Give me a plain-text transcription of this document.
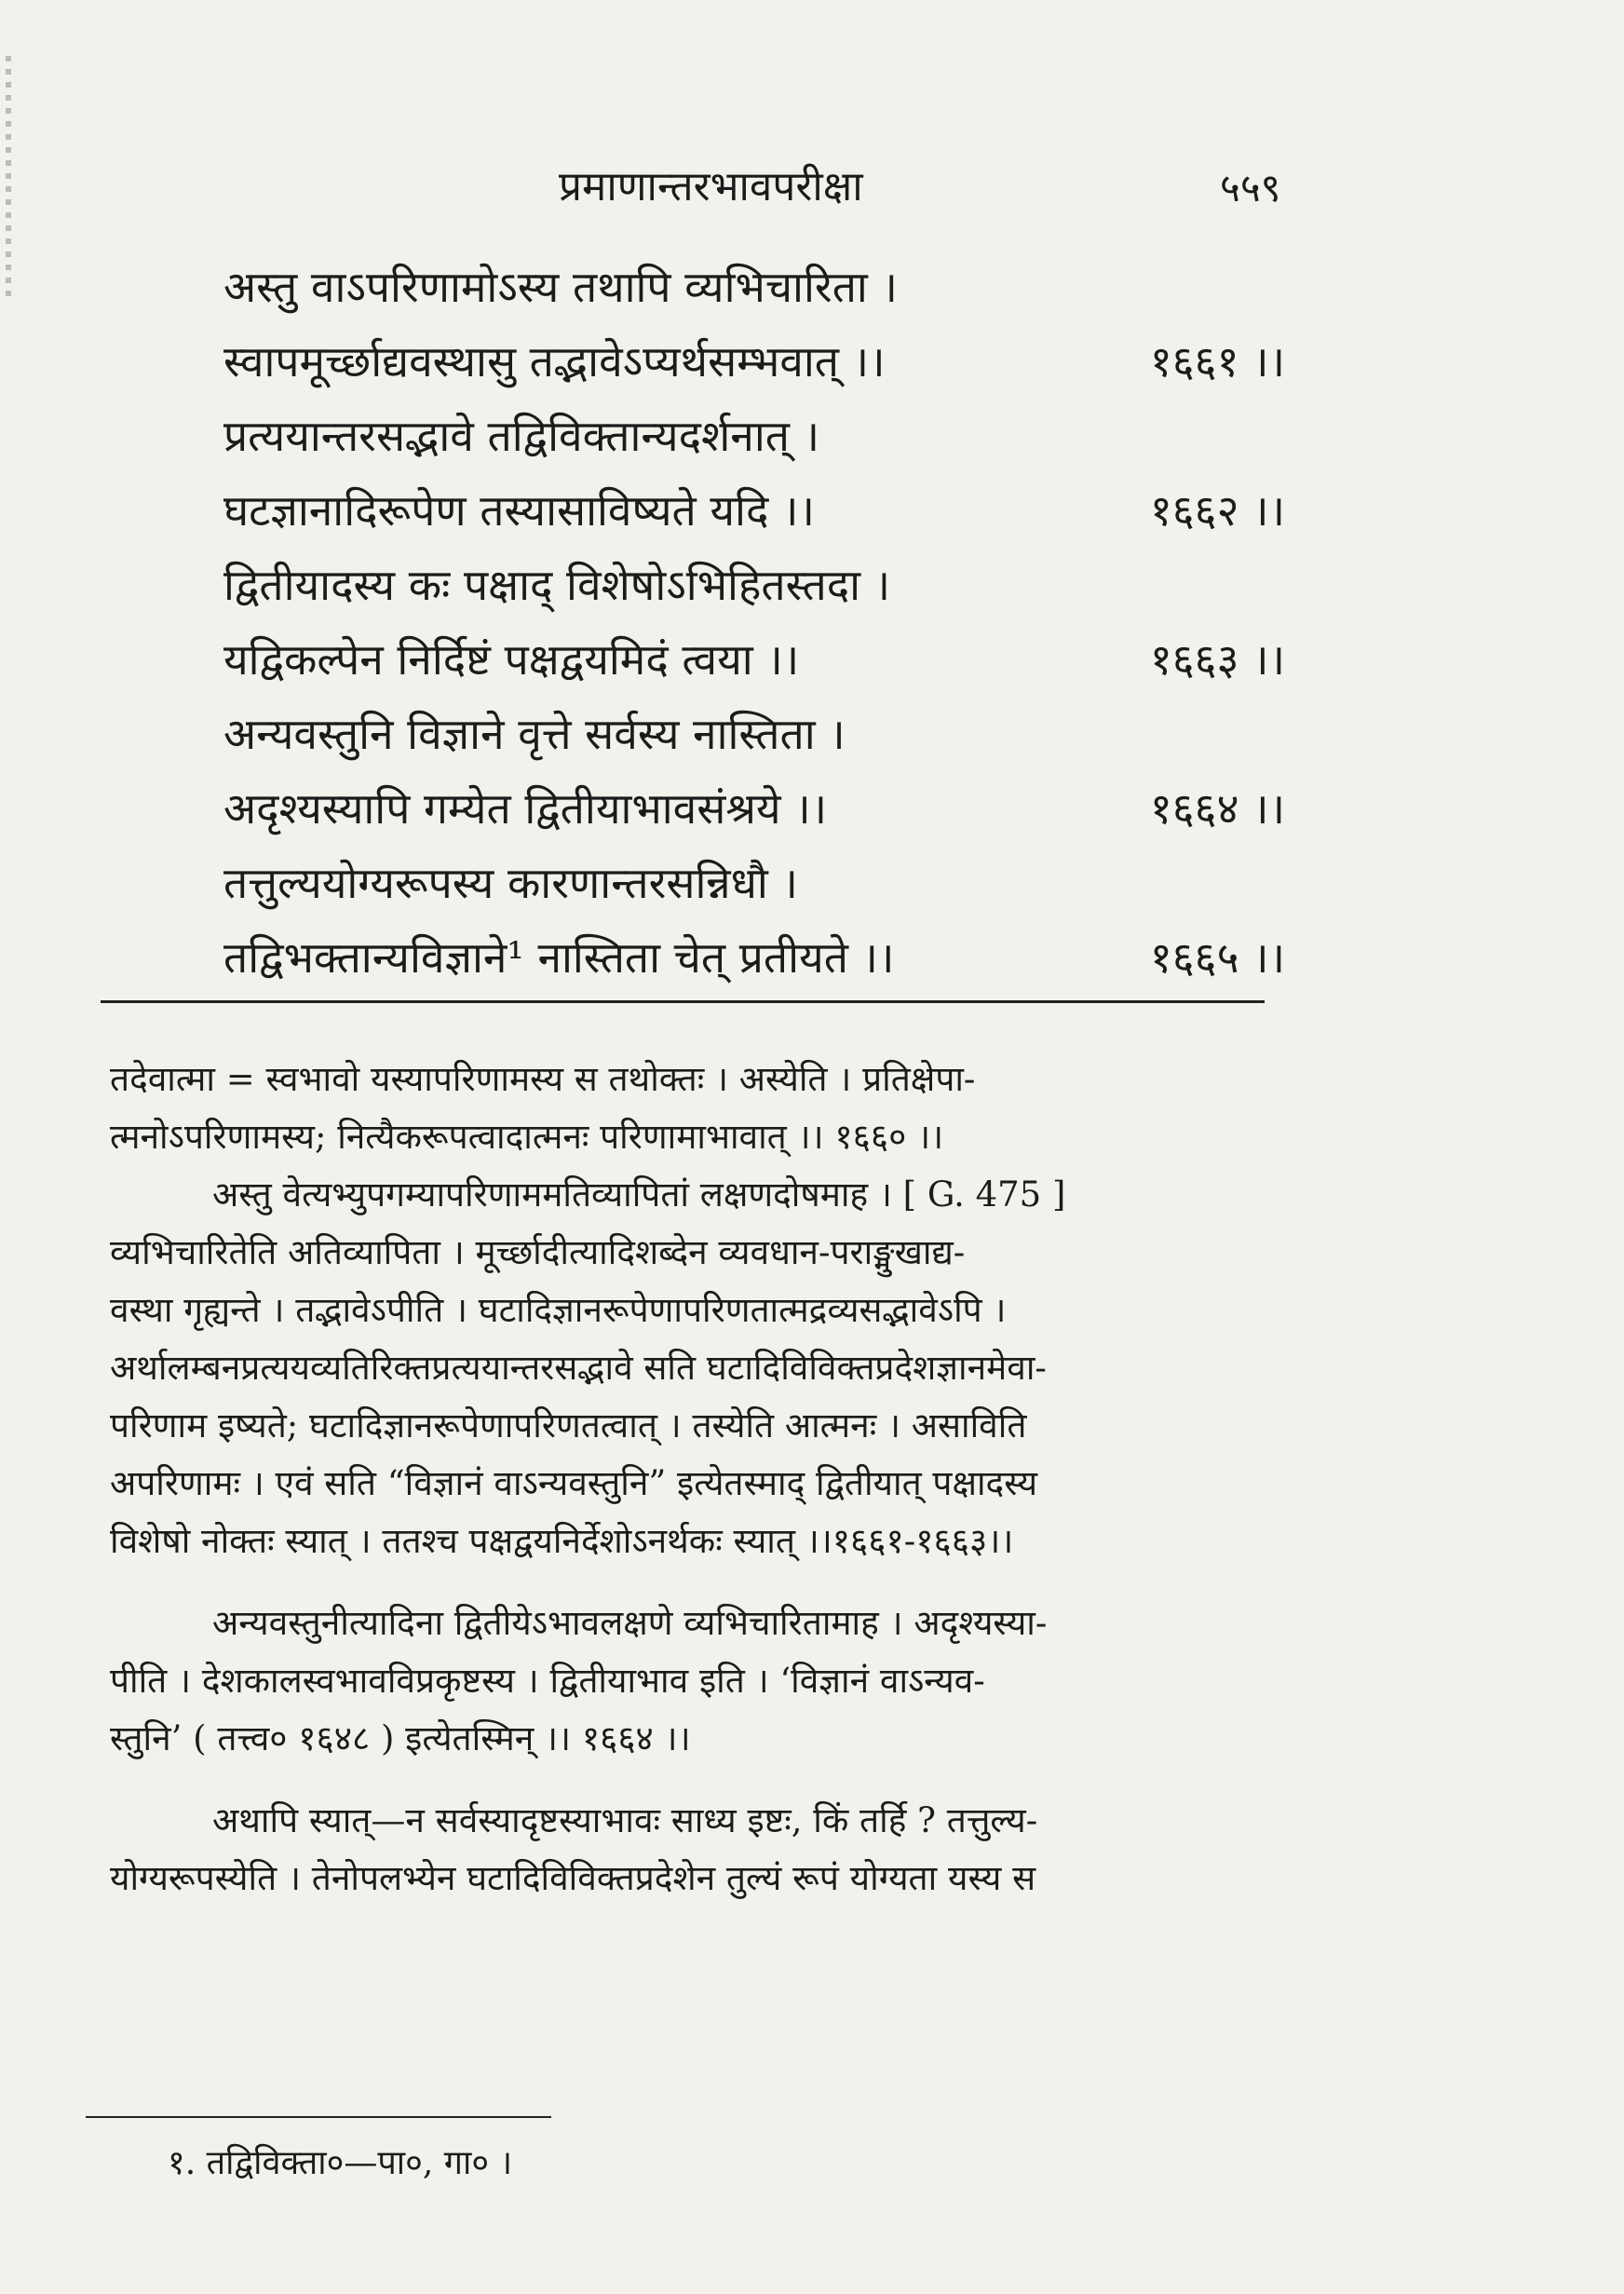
प्रमाणान्तरभावपरीक्षा	५५९
अस्तु वाऽपरिणामोऽस्य तथापि व्यभिचारिता ।
स्वापमूर्च्छाद्यवस्थासु तद्भावेऽप्यर्थसम्भवात् ।।	१६६१ ।।
प्रत्ययान्तरसद्भावे तद्विविक्तान्यदर्शनात् ।
घटज्ञानादिरूपेण तस्यासाविष्यते यदि ।।	१६६२ ।।
द्वितीयादस्य कः पक्षाद् विशेषोऽभिहितस्तदा ।
यद्विकल्पेन निर्दिष्टं पक्षद्वयमिदं त्वया ।।	१६६३ ।।
अन्यवस्तुनि विज्ञाने वृत्ते सर्वस्य नास्तिता ।
अदृश्यस्यापि गम्येत द्वितीयाभावसंश्रये ।।	१६६४ ।।
तत्तुल्ययोग्यरूपस्य कारणान्तरसन्निधौ ।
तद्विभक्तान्यविज्ञाने¹ नास्तिता चेत् प्रतीयते ।।	१६६५ ।।
तदेवात्मा = स्वभावो यस्यापरिणामस्य स तथोक्तः । अस्येति । प्रतिक्षेपा-
त्मनोऽपरिणामस्य; नित्यैकरूपत्वादात्मनः परिणामाभावात् ।। १६६० ।।
अस्तु वेत्यभ्युपगम्यापरिणाममतिव्यापितां लक्षणदोषमाह । [ G. 475 ]
व्यभिचारितेति अतिव्यापिता । मूर्च्छादीत्यादिशब्देन व्यवधान-पराङ्मुखाद्य-
वस्था गृह्यन्ते । तद्भावेऽपीति । घटादिज्ञानरूपेणापरिणतात्मद्रव्यसद्भावेऽपि ।
अर्थालम्बनप्रत्ययव्यतिरिक्तप्रत्ययान्तरसद्भावे सति घटादिविविक्तप्रदेशज्ञानमेवा-
परिणाम इष्यते; घटादिज्ञानरूपेणापरिणतत्वात् । तस्येति आत्मनः । असाविति
अपरिणामः । एवं सति “विज्ञानं वाऽन्यवस्तुनि” इत्येतस्माद् द्वितीयात् पक्षादस्य
विशेषो नोक्तः स्यात् । ततश्च पक्षद्वयनिर्देशोऽनर्थकः स्यात् ।।१६६१-१६६३।।
अन्यवस्तुनीत्यादिना द्वितीयेऽभावलक्षणे व्यभिचारितामाह । अदृश्यस्या-
पीति । देशकालस्वभावविप्रकृष्टस्य । द्वितीयाभाव इति । ‘विज्ञानं वाऽन्यव-
स्तुनि’ ( तत्त्व० १६४८ ) इत्येतस्मिन् ।। १६६४ ।।
अथापि स्यात्—न सर्वस्यादृष्टस्याभावः साध्य इष्टः, किं तर्हि ? तत्तुल्य-
योग्यरूपस्येति । तेनोपलभ्येन घटादिविविक्तप्रदेशेन तुल्यं रूपं योग्यता यस्य स
१. तद्विविक्ता०—पा०, गा० ।
